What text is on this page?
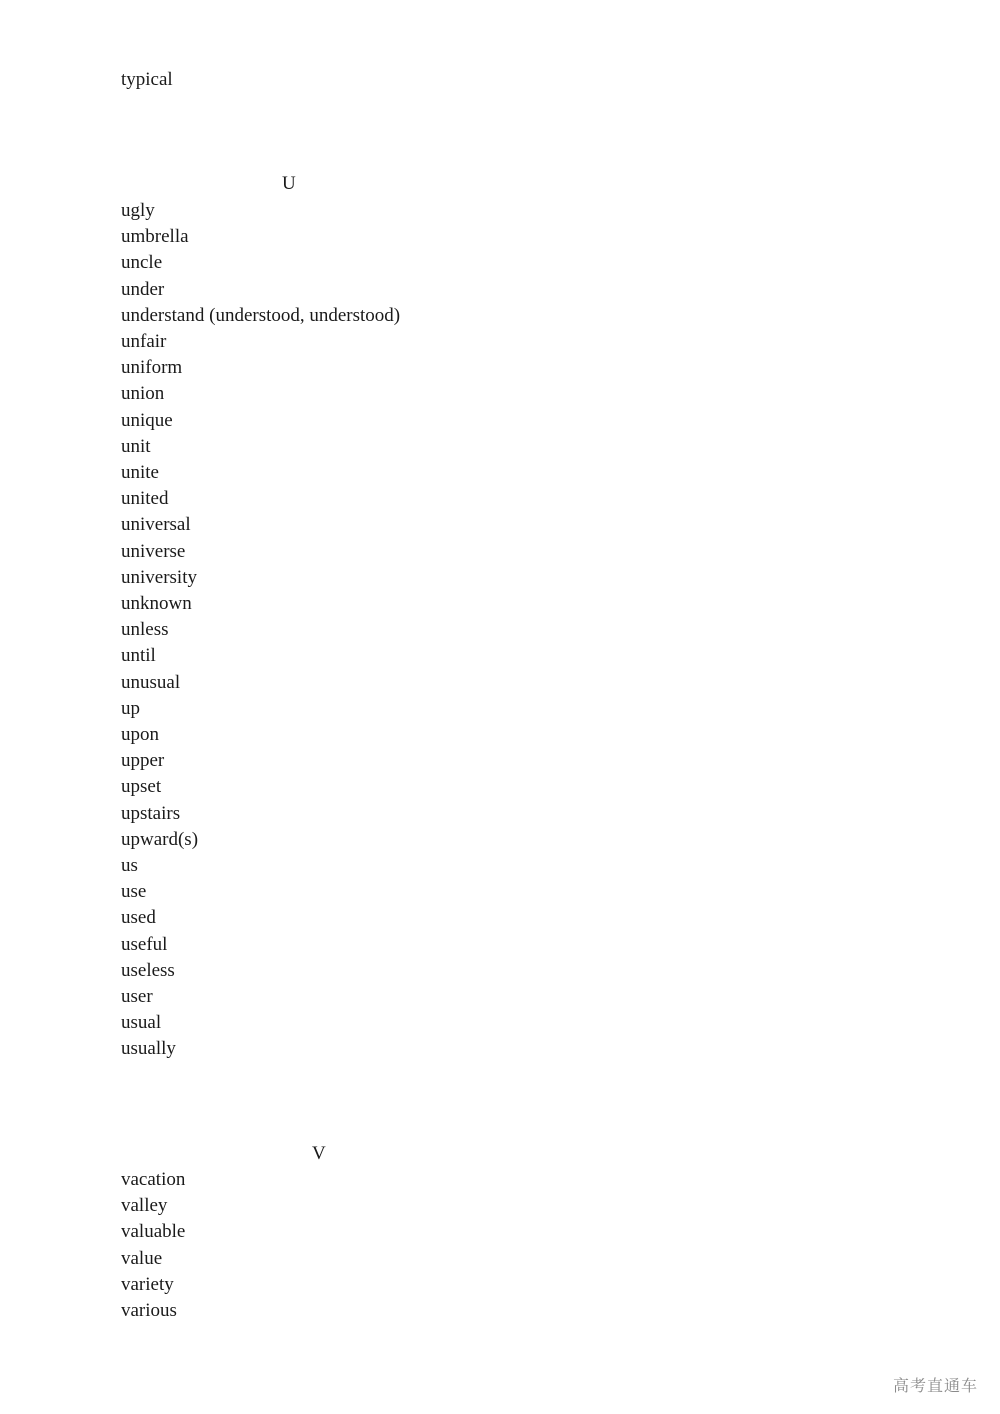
typical
U
ugly
umbrella
uncle
under
understand (understood, understood)
unfair
uniform
union
unique
unit
unite
united
universal
universe
university
unknown
unless
until
unusual
up
upon
upper
upset
upstairs
upward(s)
us
use
used
useful
useless
user
usual
usually
V
vacation
valley
valuable
value
variety
various
高考直通车
